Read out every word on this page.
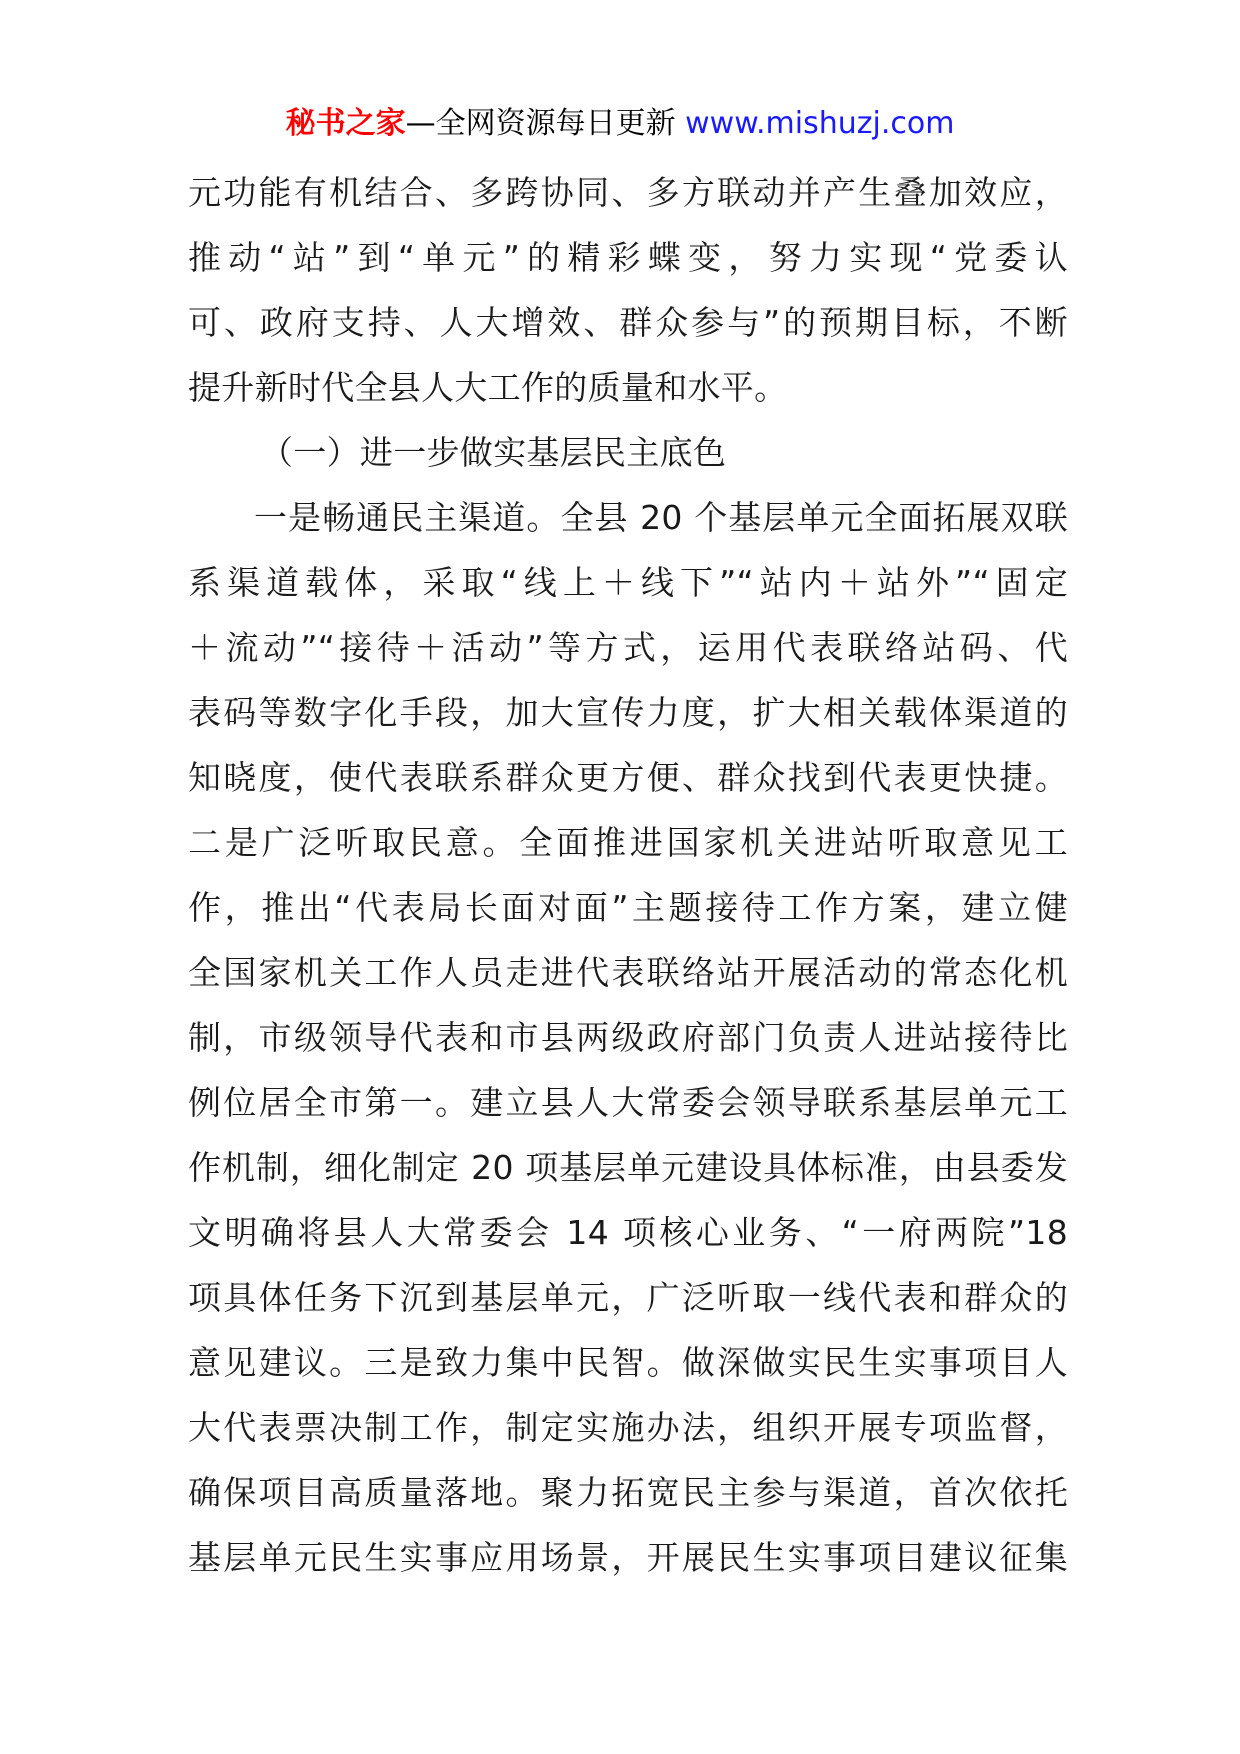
秘书之家—全网资源每日更新 www.mishuzj.com
元功能有机结合、多跨协同、多方联动并产生叠加效应，
推动“站”到“单元”的精彩蝶变，努力实现“党委认
可、政府支持、人大增效、群众参与”的预期目标，不断
提升新时代全县人大工作的质量和水平。
（一）进一步做实基层民主底色
一是畅通民主渠道。全县 20 个基层单元全面拓展双联
系渠道载体，采取“线上＋线下”“站内＋站外”“固定
＋流动”“接待＋活动”等方式，运用代表联络站码、代
表码等数字化手段，加大宣传力度，扩大相关载体渠道的
知晓度，使代表联系群众更方便、群众找到代表更快捷。
二是广泛听取民意。全面推进国家机关进站听取意见工
作，推出“代表局长面对面”主题接待工作方案，建立健
全国家机关工作人员走进代表联络站开展活动的常态化机
制，市级领导代表和市县两级政府部门负责人进站接待比
例位居全市第一。建立县人大常委会领导联系基层单元工
作机制，细化制定 20 项基层单元建设具体标准，由县委发
文明确将县人大常委会 14 项核心业务、“一府两院”18
项具体任务下沉到基层单元，广泛听取一线代表和群众的
意见建议。三是致力集中民智。做深做实民生实事项目人
大代表票决制工作，制定实施办法，组织开展专项监督，
确保项目高质量落地。聚力拓宽民主参与渠道，首次依托
基层单元民生实事应用场景，开展民生实事项目建议征集
